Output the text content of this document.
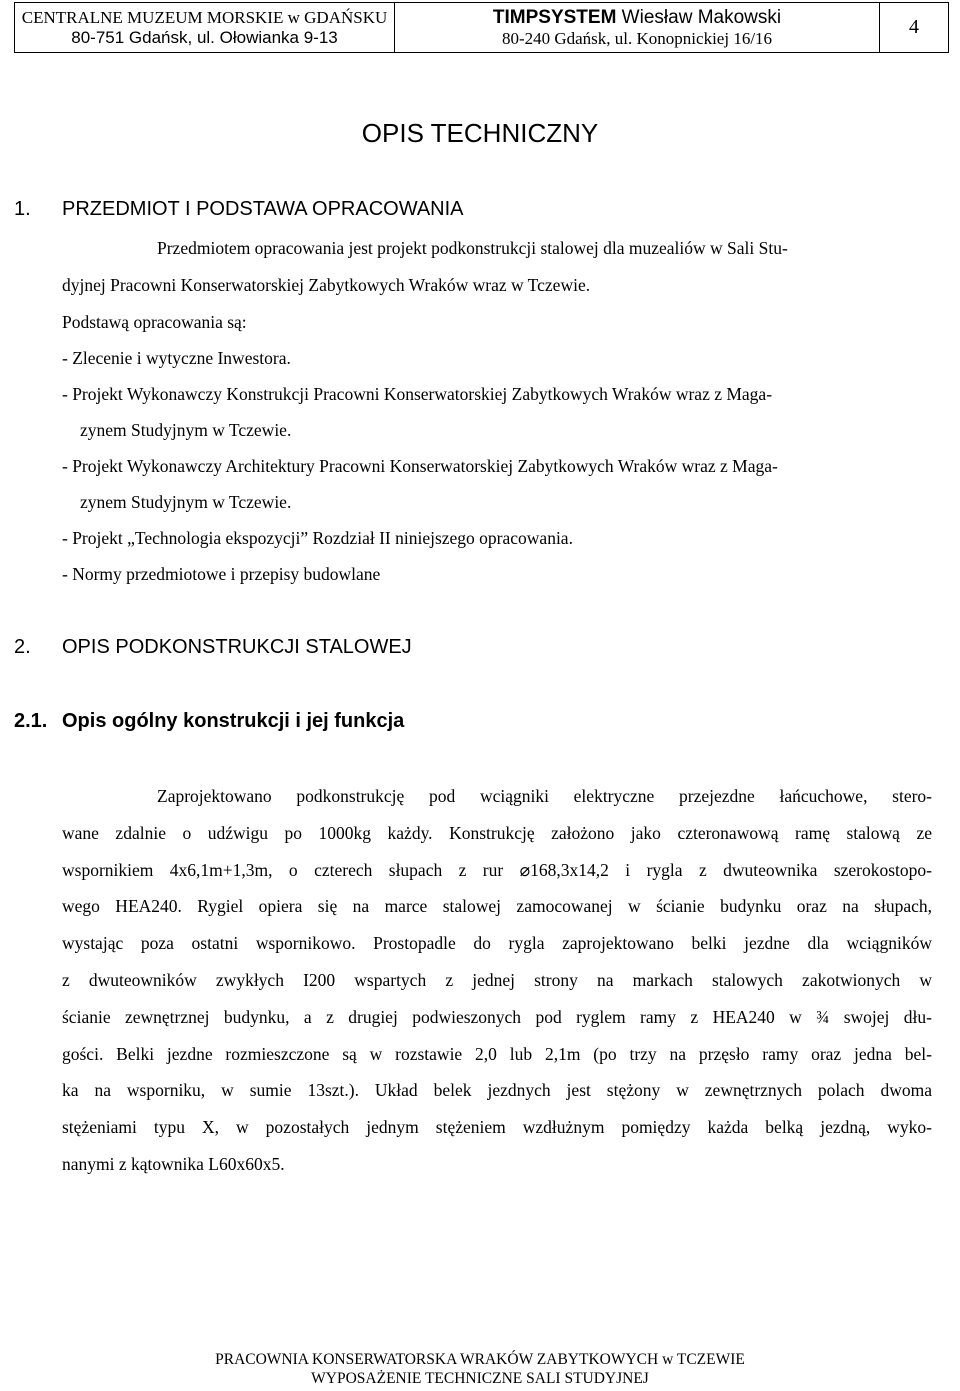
CENTRALNE MUZEUM MORSKIE w GDAŃSKU
80-751 Gdańsk, ul. Ołowianka 9-13
TIMPSYSTEM Wiesław Makowski
80-240 Gdańsk, ul. Konopnickiej 16/16	4
OPIS TECHNICZNY
1. PRZEDMIOT I PODSTAWA OPRACOWANIA
Przedmiotem opracowania jest projekt podkonstrukcji stalowej dla muzealiów w Sali Stu-
dyjnej Pracowni Konserwatorskiej Zabytkowych Wraków wraz w Tczewie.
Podstawą opracowania są:
- Zlecenie i wytyczne Inwestora.
- Projekt Wykonawczy Konstrukcji Pracowni Konserwatorskiej Zabytkowych Wraków wraz z Maga-
zynem Studyjnym w Tczewie.
- Projekt Wykonawczy Architektury Pracowni Konserwatorskiej Zabytkowych Wraków wraz z Maga-
zynem Studyjnym w Tczewie.
- Projekt „Technologia ekspozycji” Rozdział II niniejszego opracowania.
- Normy przedmiotowe i przepisy budowlane
2. OPIS PODKONSTRUKCJI STALOWEJ
2.1. Opis ogólny konstrukcji i jej funkcja
Zaprojektowano podkonstrukcję pod wciągniki elektryczne przejezdne łańcuchowe, stero-
wane zdalnie o udźwigu po 1000kg każdy. Konstrukcję założono jako czteronawową ramę stalową ze
wspornikiem 4x6,1m+1,3m, o czterech słupach z rur ⌀168,3x14,2 i rygla z dwuteownika szerokostopo-
wego HEA240. Rygiel opiera się na marce stalowej zamocowanej w ścianie budynku oraz na słupach,
wystając poza ostatni wspornikowo. Prostopadle do rygla zaprojektowano belki jezdne dla wciągników
z dwuteowników zwykłych I200 wspartych z jednej strony na markach stalowych zakotwionych w
ścianie zewnętrznej budynku, a z drugiej podwieszonych pod ryglem ramy z HEA240 w ¾ swojej dłu-
gości. Belki jezdne rozmieszczone są w rozstawie 2,0 lub 2,1m (po trzy na przęsło ramy oraz jedna bel-
ka na wsporniku, w sumie 13szt.). Układ belek jezdnych jest stężony w zewnętrznych polach dwoma
stężeniami typu X, w pozostałych jednym stężeniem wzdłużnym pomiędzy każda belką jezdną, wyko-
nanymi z kątownika L60x60x5.
PRACOWNIA KONSERWATORSKA WRAKÓW ZABYTKOWYCH w TCZEWIE
WYPOSAŻENIE TECHNICZNE SALI STUDYJNEJ
